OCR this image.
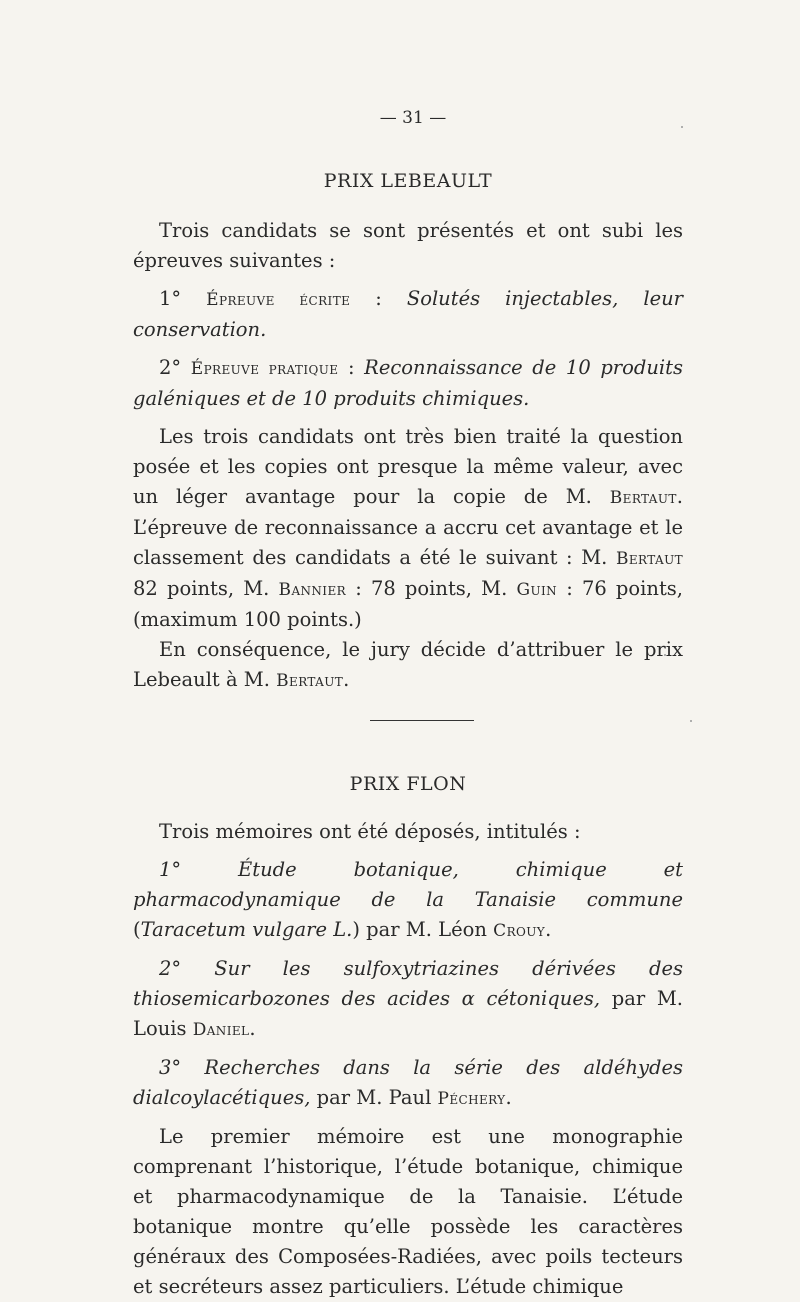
— 31 —
PRIX LEBEAULT

Trois candidats se sont présentés et ont subi les épreuves suivantes :

1° Épreuve écrite : Solutés injectables, leur conservation.

2° Épreuve pratique : Reconnaissance de 10 produits galéniques et de 10 produits chimiques.

Les trois candidats ont très bien traité la question posée et les copies ont presque la même valeur, avec un léger avantage pour la copie de M. Bertaut. L’épreuve de reconnaissance a accru cet avantage et le classement des candidats a été le suivant : M. Bertaut 82 points, M. Bannier : 78 points, M. Guin : 76 points, (maximum 100 points.)

En conséquence, le jury décide d’attribuer le prix Lebeault à M. Bertaut.

PRIX FLON

Trois mémoires ont été déposés, intitulés :

1° Étude botanique, chimique et pharmacodynamique de la Tanaisie commune (Taracetum vulgare L.) par M. Léon Crouy.

2° Sur les sulfoxytriazines dérivées des thiosemicarbozones des acides α cétoniques, par M. Louis Daniel.

3° Recherches dans la série des aldéhydes dialcoylacétiques, par M. Paul Péchery.

Le premier mémoire est une monographie comprenant l’historique, l’étude botanique, chimique et pharmacodynamique de la Tanaisie. L’étude botanique montre qu’elle possède les caractères généraux des Composées-Radiées, avec poils tecteurs et secréteurs assez particuliers. L’étude chimique
